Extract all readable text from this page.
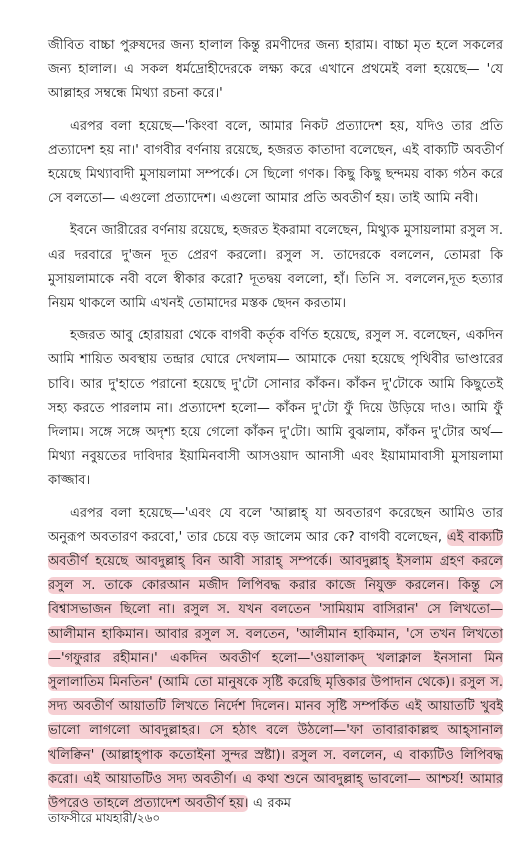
জীবিত বাচ্চা পুরুষদের জন্য হালাল কিন্তু রমণীদের জন্য হারাম। বাচ্চা মৃত হলে সকলের জন্য হালাল। এ সকল ধর্মদ্রোহীদেরকে লক্ষ্য করে এখানে প্রথমেই বলা হয়েছে— 'যে আল্লাহর সম্বন্ধে মিথ্যা রচনা করে।'

এরপর বলা হয়েছে—'কিংবা বলে, আমার নিকট প্রত্যাদেশ হয়, যদিও তার প্রতি প্রত্যাদেশ হয় না।' বাগবীর বর্ণনায় রয়েছে, হজরত কাতাদা বলেছেন, এই বাক্যটি অবতীর্ণ হয়েছে মিথ্যাবাদী মুসায়লামা সম্পর্কে। সে ছিলো গণক। কিছু কিছু ছন্দময় বাক্য গঠন করে সে বলতো— এগুলো প্রত্যাদেশ। এগুলো আমার প্রতি অবতীর্ণ হয়। তাই আমি নবী।

ইবনে জারীরের বর্ণনায় রয়েছে, হজরত ইকরামা বলেছেন, মিথ্যুক মুসায়লামা রসুল স. এর দরবারে দু'জন দূত প্রেরণ করলো। রসুল স. তাদেরকে বললেন, তোমরা কি মুসায়লামাকে নবী বলে স্বীকার করো? দূতদ্বয় বললো, হাঁ। তিনি স. বললেন,দূত হত্যার নিয়ম থাকলে আমি এখনই তোমাদের মস্তক ছেদন করতাম।

হজরত আবু হোরায়রা থেকে বাগবী কর্তৃক বর্ণিত হয়েছে, রসুল স. বলেছেন, একদিন আমি শায়িত অবস্থায় তন্দ্রার ঘোরে দেখলাম— আমাকে দেয়া হয়েছে পৃথিবীর ভাণ্ডারের চাবি। আর দু'হাতে পরানো হয়েছে দু'টো সোনার কাঁকন। কাঁকন দু'টোকে আমি কিছুতেই সহ্য করতে পারলাম না। প্রত্যাদেশ হলো— কাঁকন দু'টো ফুঁ দিয়ে উড়িয়ে দাও। আমি ফুঁ দিলাম। সঙ্গে সঙ্গে অদৃশ্য হয়ে গেলো কাঁকন দু'টো। আমি বুঝলাম, কাঁকন দু'টোর অর্থ— মিথ্যা নবুয়তের দাবিদার ইয়ামিনবাসী আসওয়াদ আনাসী এবং ইয়ামামাবাসী মুসায়লামা কাজ্জাব।

এরপর বলা হয়েছে—'এবং যে বলে 'আল্লাহ্ যা অবতারণ করেছেন আমিও তার অনুরূপ অবতারণ করবো,' তার চেয়ে বড় জালেম আর কে? বাগবী বলেছেন, এই বাক্যটি অবতীর্ণ হয়েছে আবদুল্লাহ্ বিন আবী সারাহ্ সম্পর্কে। আবদুল্লাহ্ ইসলাম গ্রহণ করলে রসুল স. তাকে কোরআন মজীদ লিপিবদ্ধ করার কাজে নিযুক্ত করলেন। কিন্তু সে বিশ্বাসভাজন ছিলো না। রসুল স. যখন বলতেন 'সামিয়াম বাসিরান' সে লিখতো— আলীমান হাকিমান। আবার রসুল স. বলতেন, 'আলীমান হাকিমান, 'সে তখন লিখতো—'গফুরার রহীমান।' একদিন অবতীর্ণ হলো—'ওয়ালাকদ্ খলাক্নাল ইনসানা মিন সুলালাতিম মিনতিন' (আমি তো মানুষকে সৃষ্টি করেছি মৃত্তিকার উপাদান থেকে)। রসুল স. সদ্য অবতীর্ণ আয়াতটি লিখতে নির্দেশ দিলেন। মানব সৃষ্টি সম্পর্কিত এই আয়াতটি খুবই ভালো লাগলো আবদুল্লাহর। সে হঠাৎ বলে উঠলো—'ফা তাবারাকাল্লহু আহ্সানাল খলিক্বিন' (আল্লাহ্পাক কতোইনা সুন্দর স্রষ্টা)। রসুল স. বললেন, এ বাক্যটিও লিপিবদ্ধ করো। এই আয়াতটিও সদ্য অবতীর্ণ। এ কথা শুনে আবদুল্লাহ্ ভাবলো— আশ্চর্য! আমার উপরেও তাহলে প্রত্যাদেশ অবতীর্ণ হয়। এ রকম

তাফসীরে মাযহারী/২৬০
